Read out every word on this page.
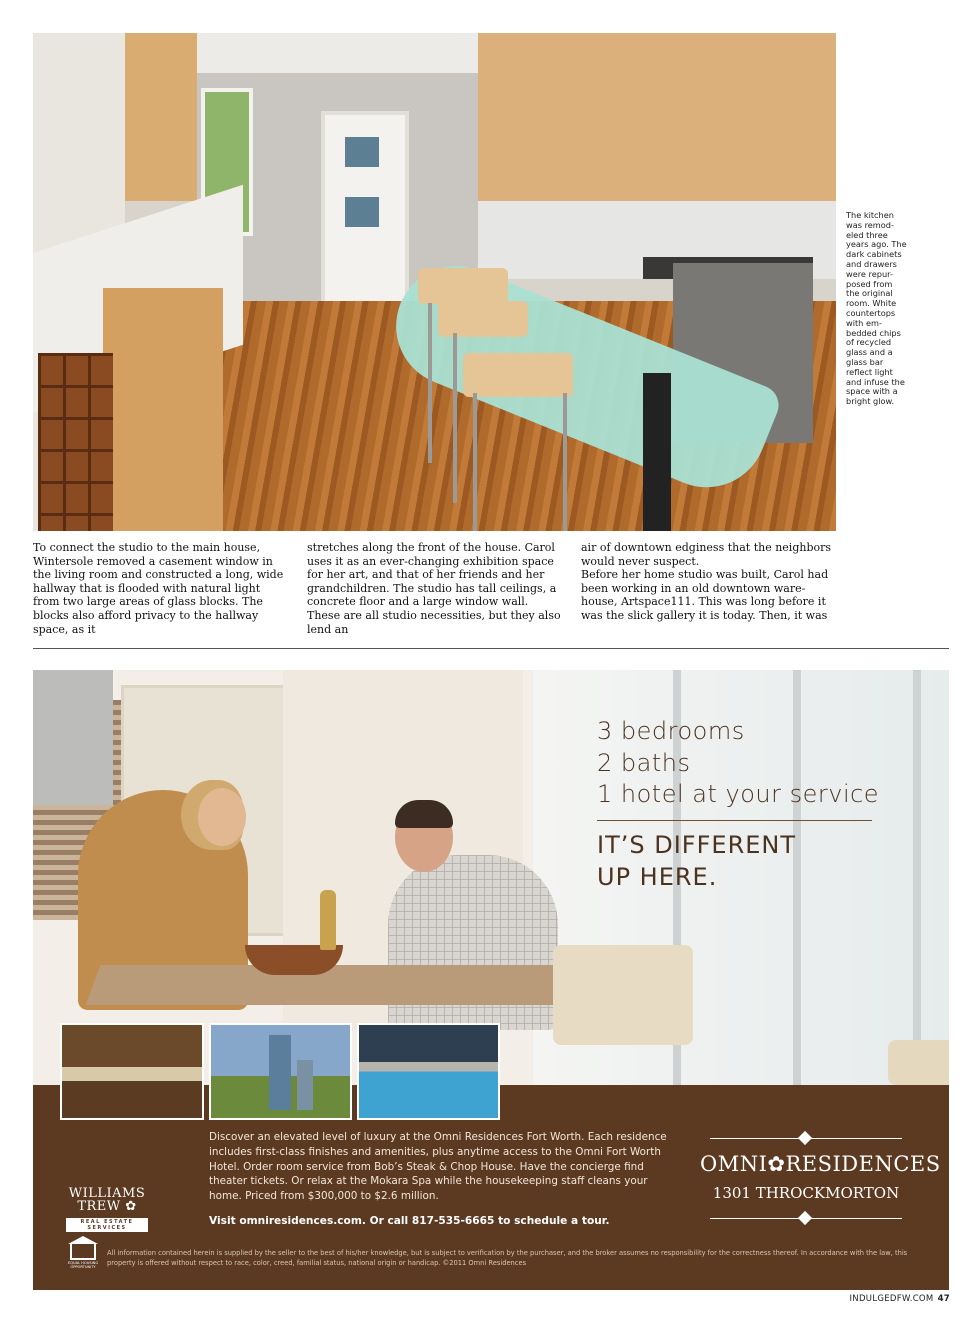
The kitchen
was remod-
eled three
years ago. The
dark cabinets
and drawers
were repur-
posed from
the original
room. White
countertops
with em-
bedded chips
of recycled
glass and a
glass bar
reflect light
and infuse the
space with a
bright glow.
To connect the studio to the main house, Wintersole removed a casement window in the living room and constructed a long, wide hallway that is flooded with natural light from two large areas of glass blocks. The blocks also afford privacy to the hallway space, as it
stretches along the front of the house. Carol uses it as an ever-changing exhibition space for her art, and that of her friends and her grandchildren. The studio has tall ceilings, a concrete floor and a large window wall. These are all studio necessities, but they also lend an
air of downtown edginess that the neighbors would never suspect.
Before her home studio was built, Carol had been working in an old downtown ware-house, Artspace111. This was long before it was the slick gallery it is today. Then, it was
3 bedrooms
2 baths
1 hotel at your service
IT’S DIFFERENT
UP HERE.
Discover an elevated level of luxury at the Omni Residences Fort Worth. Each residence includes first-class finishes and amenities, plus anytime access to the Omni Fort Worth Hotel. Order room service from Bob’s Steak & Chop House. Have the concierge find theater tickets. Or relax at the Mokara Spa while the housekeeping staff cleans your home. Priced from $300,000 to $2.6 million.
Visit omniresidences.com. Or call 817-535-6665 to schedule a tour.
WILLIAMS
TREW ✿
REAL ESTATE SERVICES
OMNI✿RESIDENCES
1301 THROCKMORTON
EQUAL HOUSING OPPORTUNITY
All information contained herein is supplied by the seller to the best of his/her knowledge, but is subject to verification by the purchaser, and the broker assumes no responsibility for the correctness thereof. In accordance with the law, this property is offered without respect to race, color, creed, familial status, national origin or handicap. ©2011 Omni Residences
INDULGEDFW.COM 47
